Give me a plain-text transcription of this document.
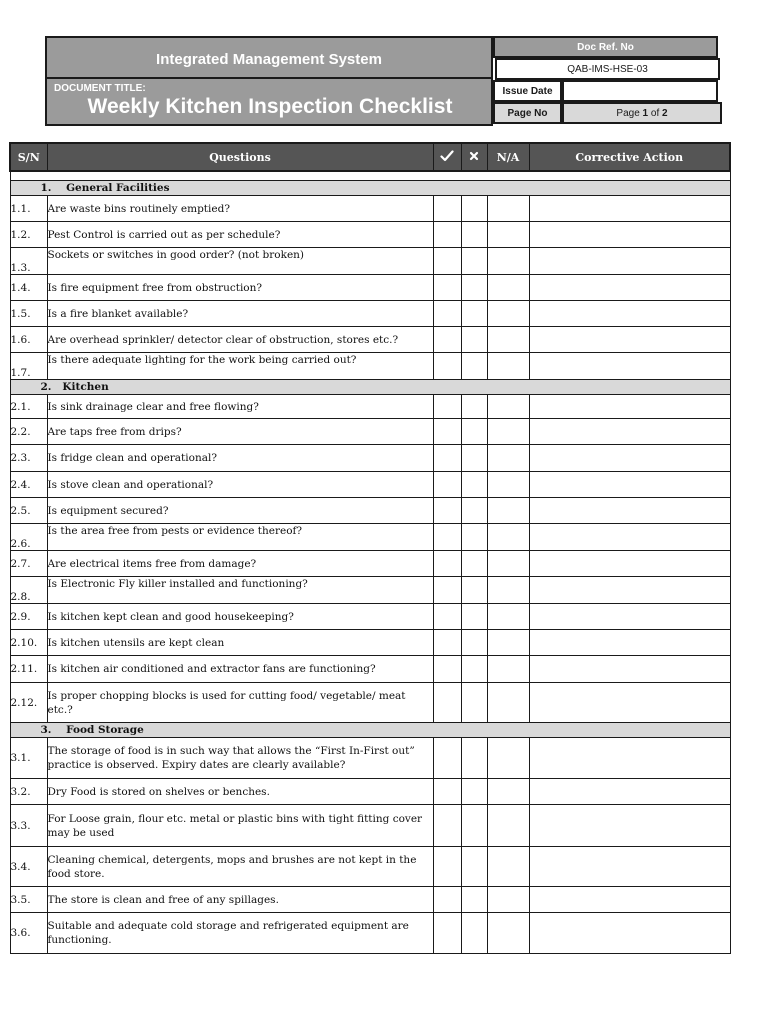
Integrated Management System
DOCUMENT TITLE:
Weekly Kitchen Inspection Checklist
Doc Ref. No
QAB-IMS-HSE-03
Issue Date
Page No	Page
1
of
2
S/N	Questions			N/A	Corrective Action

1.    General Facilities					
1.1.	Are waste bins routinely emptied?				
1.2.	Pest Control is carried out as per schedule?				
1.3.	Sockets or switches in good order? (not broken)				
1.4.	Is fire equipment free from obstruction?				
1.5.	Is a fire blanket available?				
1.6.	Are overhead sprinkler/ detector clear of obstruction, stores etc.?				
1.7.	Is there adequate lighting for the work being carried out?				
2.   Kitchen					
2.1.	Is sink drainage clear and free flowing?				
2.2.	Are taps free from drips?				
2.3.	Is fridge clean and operational?				
2.4.	Is stove clean and operational?				
2.5.	Is equipment secured?				
2.6.	Is the area free from pests or evidence thereof?				
2.7.	Are electrical items free from damage?				
2.8.	Is Electronic Fly killer installed and functioning?				
2.9.	Is kitchen kept clean and good housekeeping?				
2.10.	Is kitchen utensils are kept clean				
2.11.	Is kitchen air conditioned and extractor fans are functioning?				
2.12.	Is proper chopping blocks is used for cutting food/ vegetable/ meat etc.?				
3.    Food Storage					
3.1.	The storage of food is in such way that allows the “First In-First out” practice is observed. Expiry dates are clearly available?				
3.2.	Dry Food is stored on shelves or benches.				
3.3.	For Loose grain, flour etc. metal or plastic bins with tight fitting cover may be used				
3.4.	Cleaning chemical, detergents, mops and brushes are not kept in the food store.				
3.5.	The store is clean and free of any spillages.				
3.6.	Suitable and adequate cold storage and refrigerated equipment are functioning.				
